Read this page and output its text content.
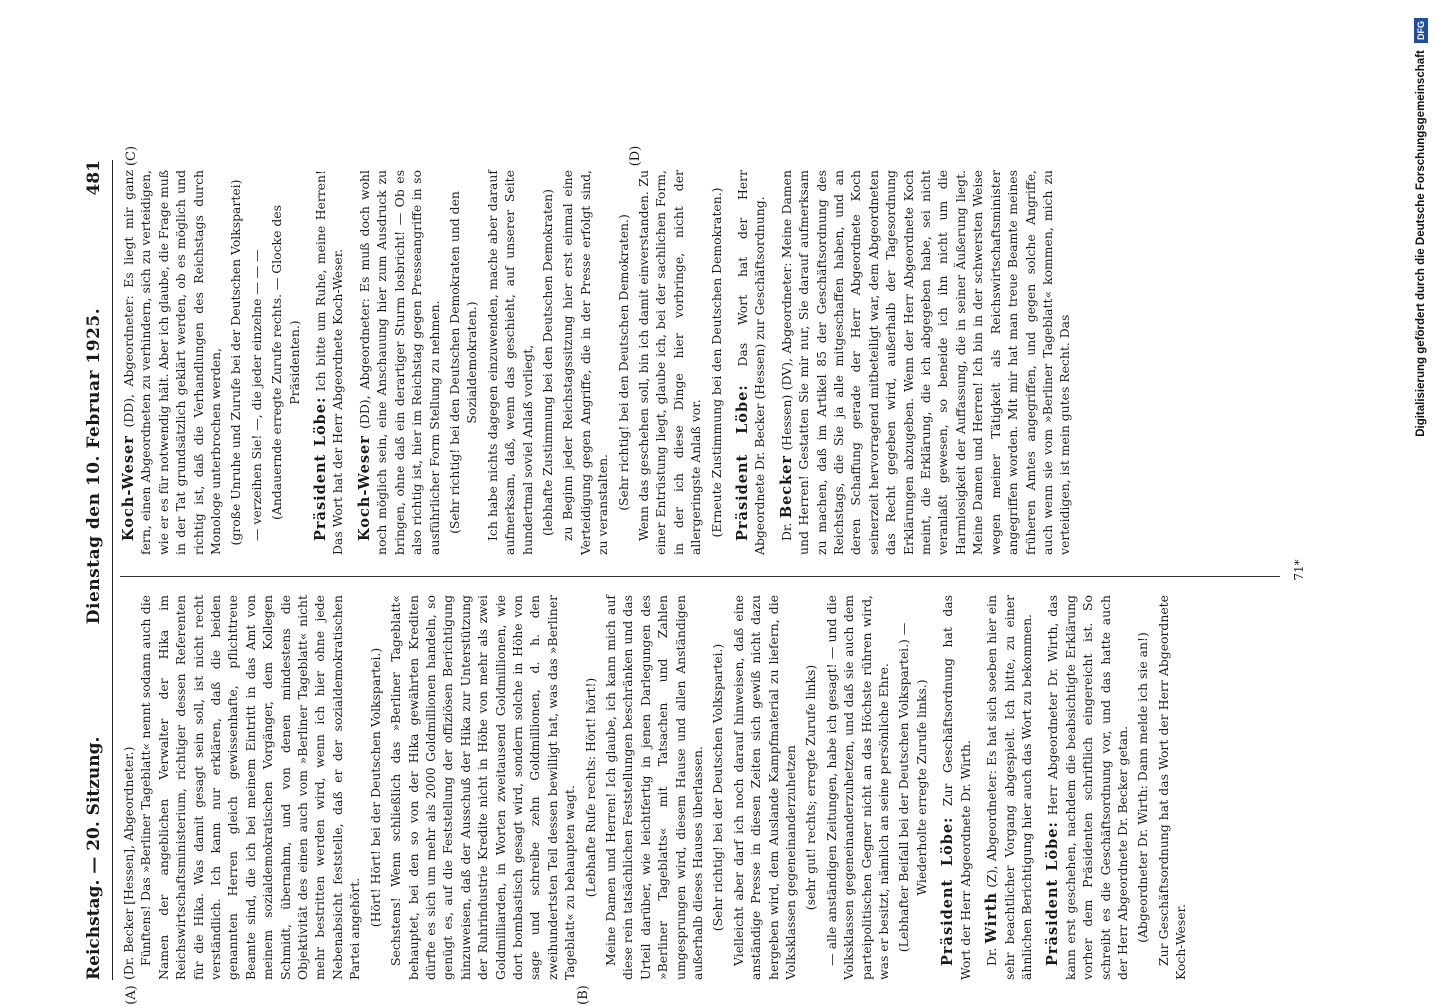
Reichstag. — 20. Sitzung.
Dienstag den 10. Februar 1925.
481
(A)	(B)
(C)	(D)

(Dr. Becker [Hessen], Abgeordneter.) Fünftens! Das »Berliner Tageblatt« nennt sodann auch die Namen der angeblichen Verwalter der Hika im Reichswirtschaftsministerium, richtiger dessen Referenten für die Hika. Was damit gesagt sein soll, ist nicht recht verständlich. Ich kann nur erklären, daß die beiden genannten Herren gleich gewissenhafte, pflichttreue Beamte sind, die ich bei meinem Eintritt in das Amt von meinem sozialdemokratischen Vorgänger, dem Kollegen Schmidt, übernahm, und von denen mindestens die Objektivität des einen auch vom »Berliner Tageblatt« nicht mehr bestritten werden wird, wenn ich hier ohne jede Nebenabsicht feststelle, daß er der sozialdemokratischen Partei angehört.

(Hört! Hört! bei der Deutschen Volkspartei.) Sechstens! Wenn schließlich das »Berliner Tageblatt« behauptet, bei den so von der Hika gewährten Krediten dürfte es sich um mehr als 2000 Goldmillionen handeln, so genügt es, auf die Feststellung der offiziösen Berichtigung hinzuweisen, daß der Ausschuß der Hika zur Unterstützung der Ruhrindustrie Kredite nicht in Höhe von mehr als zwei Goldmilliarden, in Worten zweitausend Goldmillionen, wie dort bombastisch gesagt wird, sondern solche in Höhe von sage und schreibe zehn Goldmillionen, d. h. den zweihundertsten Teil dessen bewilligt hat, was das »Berliner Tageblatt« zu behaupten wagt. (Lebhafte Rufe rechts: Hört! hört!) Meine Damen und Herren! Ich glaube, ich kann mich auf diese rein tatsächlichen Feststellungen beschränken und das Urteil darüber, wie leichtfertig in jenen Darlegungen des »Berliner Tageblatts« mit Tatsachen und Zahlen umgesprungen wird, diesem Hause und allen Anständigen außerhalb dieses Hauses überlassen. (Sehr richtig! bei der Deutschen Volkspartei.) Vielleicht aber darf ich noch darauf hinweisen, daß eine anständige Presse in diesen Zeiten sich gewiß nicht dazu hergeben wird, dem Auslande Kampfmaterial zu liefern, die Volksklassen gegeneinanderzuhetzen (sehr gut! rechts; erregte Zurufe links) — alle anständigen Zeitungen, habe ich gesagt! — und die Volksklassen gegeneinanderzuhetzen, und daß sie auch dem parteipolitischen Gegner nicht an das Höchste rühren wird, was er besitzt, nämlich an seine persönliche Ehre. (Lebhafter Beifall bei der Deutschen Volkspartei.) — Wiederholte erregte Zurufe links.) Präsident Löbe: Zur Geschäftsordnung hat das Wort der Herr Abgeordnete Dr. Wirth. Dr. Wirth (Z), Abgeordneter: Es hat sich soeben hier ein sehr beachtlicher Vorgang abgespielt. Ich bitte, zu einer ähnlichen Berichtigung hier auch das Wort zu bekommen. Präsident Löbe: Herr Abgeordneter Dr. Wirth, das kann erst geschehen, nachdem die beabsichtigte Erklärung vorher dem Präsidenten schriftlich eingereicht ist. So schreibt es die Geschäftsordnung vor, und das hatte auch der Herr Abgeordnete Dr. Becker getan. (Abgeordneter Dr. Wirth: Dann melde ich sie an!) Zur Geschäftsordnung hat das Wort der Herr Abgeordnete Koch-Weser.

Koch-Weser (DD), Abgeordneter: Es liegt mir ganz fern, einen Abgeordneten zu verhindern, sich zu verteidigen, wie er es für notwendig hält. Aber ich glaube, die Frage muß in der Tat grundsätzlich geklärt werden, ob es möglich und richtig ist, daß die Verhandlungen des Reichstags durch Monologe unterbrochen werden, (große Unruhe und Zurufe bei der Deutschen Volkspartei) — verzeihen Sie! —, die jeder einzelne — — — (Andauernde erregte Zurufe rechts. — Glocke des Präsidenten.)

Präsident Löbe: Ich bitte um Ruhe, meine Herren! Das Wort hat der Herr Abgeordnete Koch-Weser. Koch-Weser (DD), Abgeordneter: Es muß doch wohl noch möglich sein, eine Anschauung hier zum Ausdruck zu bringen, ohne daß ein derartiger Sturm losbricht! — Ob es also richtig ist, hier im Reichstag gegen Presseangriffe in so ausführlicher Form Stellung zu nehmen. (Sehr richtig! bei den Deutschen Demokraten und den Sozialdemokraten.) Ich habe nichts dagegen einzuwenden, mache aber darauf aufmerksam, daß, wenn das geschieht, auf unserer Seite hundertmal soviel Anlaß vorliegt, (lebhafte Zustimmung bei den Deutschen Demokraten) zu Beginn jeder Reichstagssitzung hier erst einmal eine Verteidigung gegen Angriffe, die in der Presse erfolgt sind, zu veranstalten. (Sehr richtig! bei den Deutschen Demokraten.) Wenn das geschehen soll, bin ich damit einverstanden. Zu einer Entrüstung liegt, glaube ich, bei der sachlichen Form, in der ich diese Dinge hier vorbringe, nicht der allergeringste Anlaß vor. (Erneute Zustimmung bei den Deutschen Demokraten.) Präsident Löbe: Das Wort hat der Herr Abgeordnete Dr. Becker (Hessen) zur Geschäftsordnung. Dr. Becker (Hessen) (DV), Abgeordneter: Meine Damen und Herren! Gestatten Sie mir nur, Sie darauf aufmerksam zu machen, daß im Artikel 85 der Geschäftsordnung des Reichstags, die Sie ja alle mitgeschaffen haben, und an deren Schaffung gerade der Herr Abgeordnete Koch seinerzeit hervorragend mitbeteiligt war, dem Abgeordneten das Recht gegeben wird, außerhalb der Tagesordnung Erklärungen abzugeben. Wenn der Herr Abgeordnete Koch meint, die Erklärung, die ich abgegeben habe, sei nicht veranlaßt gewesen, so beneide ich ihn nicht um die Harmlosigkeit der Auffassung, die in seiner Äußerung liegt. Meine Damen und Herren! Ich bin in der schwersten Weise wegen meiner Tätigkeit als Reichswirtschaftsminister angegriffen worden. Mit mir hat man treue Beamte meines früheren Amtes angegriffen, und gegen solche Angriffe, auch wenn sie vom »Berliner Tageblatt« kommen, mich zu verteidigen, ist mein gutes Recht. Das

71*
Digitalisierung gefördert durch die Deutsche Forschungsgemeinschaft DFG
